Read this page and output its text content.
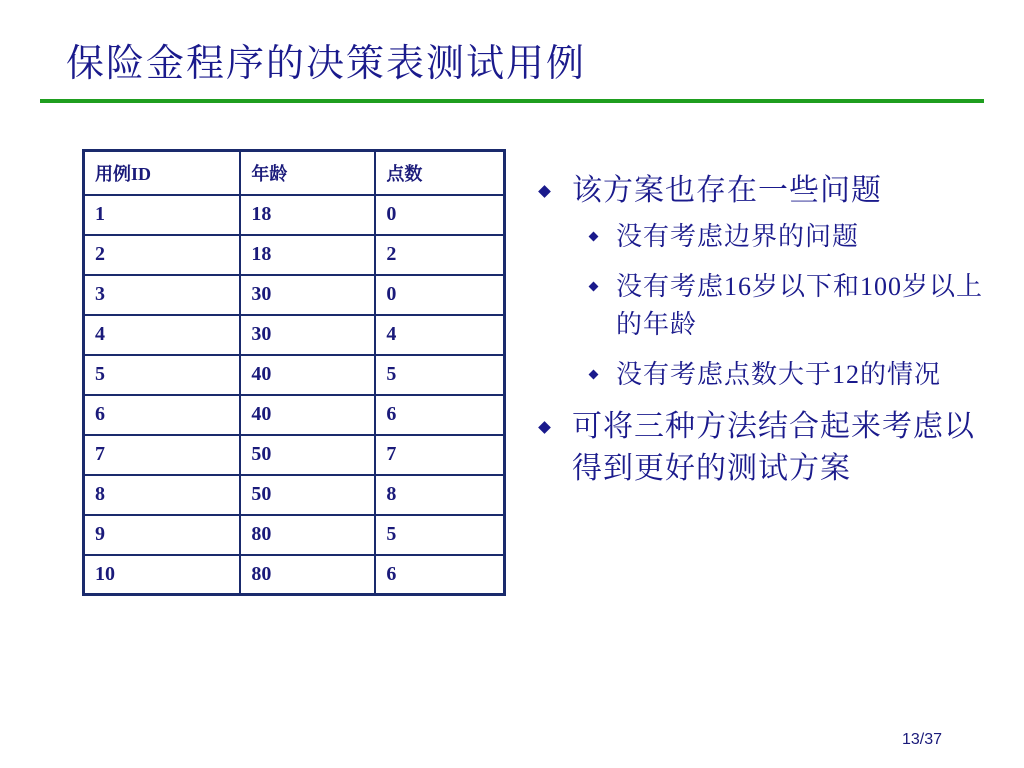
保险金程序的决策表测试用例
用例ID	年龄	点数
1	18	0
2	18	2
3	30	0
4	30	4
5	40	5
6	40	6
7	50	7
8	50	8
9	80	5
10	80	6
该方案也存在一些问题
没有考虑边界的问题
没有考虑16岁以下和100岁以上的年龄
没有考虑点数大于12的情况
可将三种方法结合起来考虑以得到更好的测试方案
13/37
